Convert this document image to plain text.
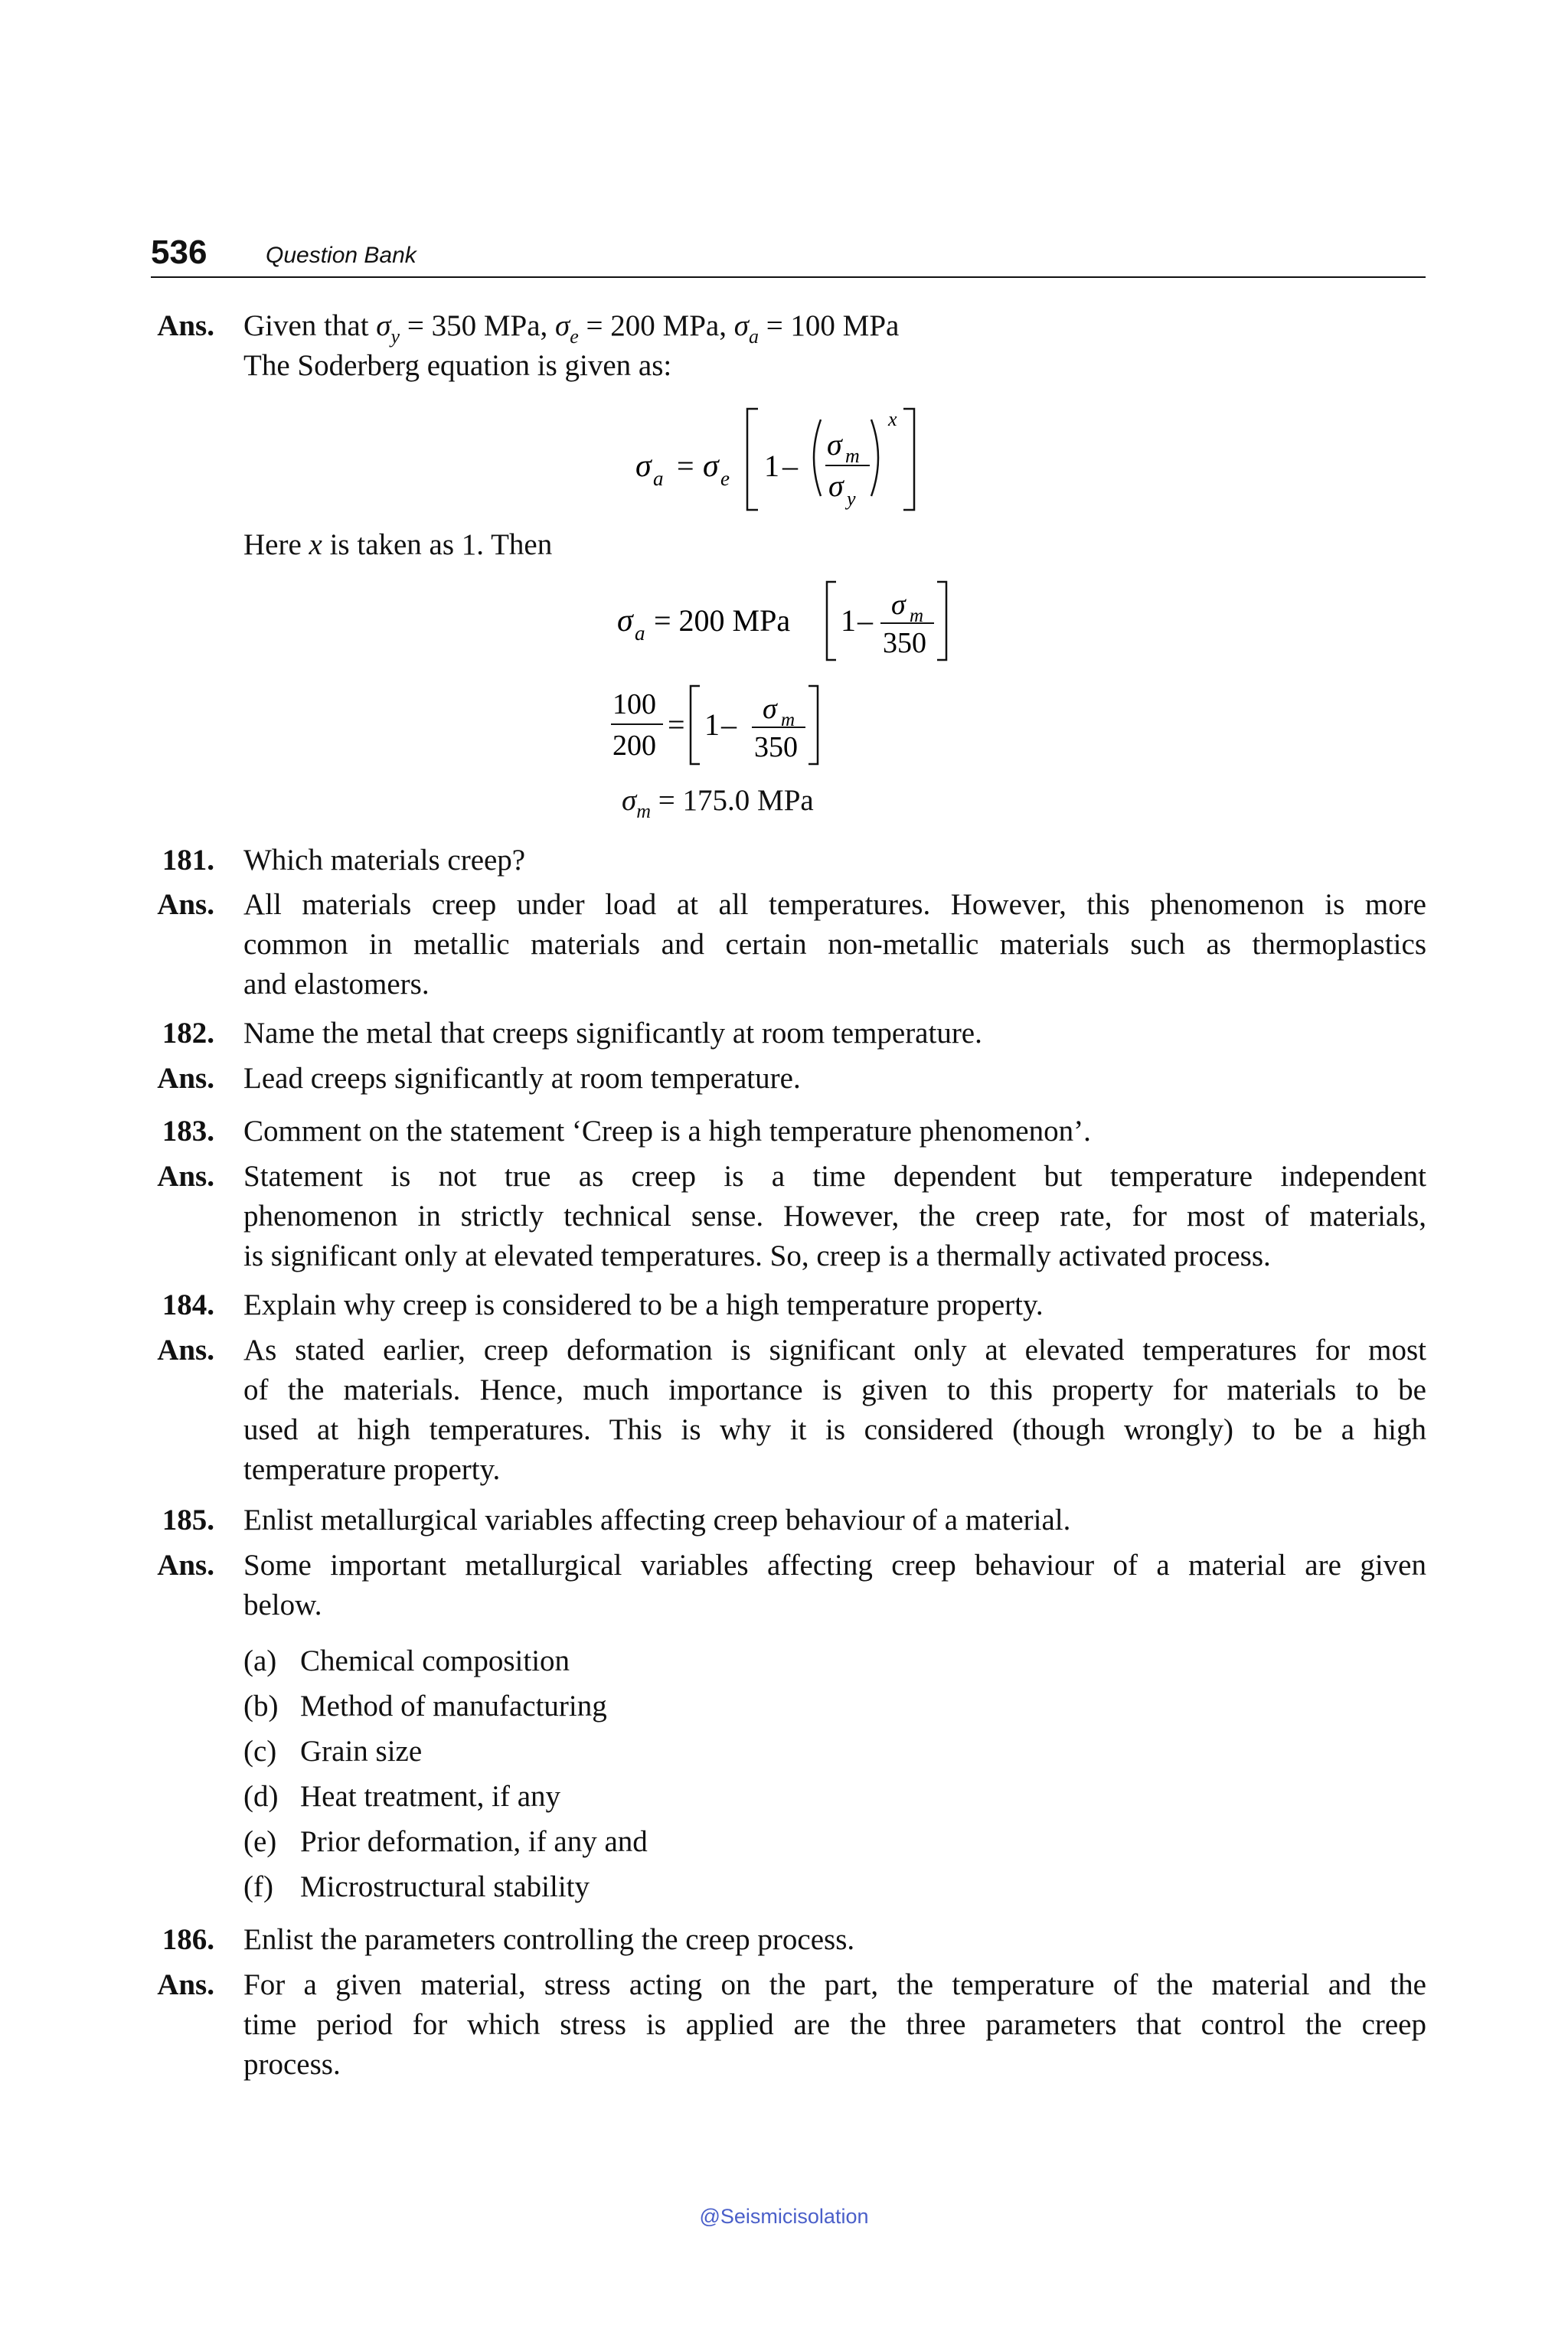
536	Question Bank
Ans. Given that $\sigma_y = 350$ MPa, $\sigma_e = 200$ MPa, $\sigma_a = 100$ MPa
The Soderberg equation is given as:
σ a = σ e 1 –
σ m
σ y
x
Here x is taken as 1. Then
σ a = 200 MPa 1 – σ m
350
100
200
= 1 – σ m
350
$\sigma_m = 175.0$ MPa
181. Which materials creep?
Ans. All materials creep under load at all temperatures. However, this phenomenon is more
common in metallic materials and certain non-metallic materials such as thermoplastics
and elastomers.
182. Name the metal that creeps significantly at room temperature.
Ans. Lead creeps significantly at room temperature.
183. Comment on the statement ‘Creep is a high temperature phenomenon’.
Ans. Statement is not true as creep is a time dependent but temperature independent
phenomenon in strictly technical sense. However, the creep rate, for most of materials,
is significant only at elevated temperatures. So, creep is a thermally activated process.
184. Explain why creep is considered to be a high temperature property.
Ans. As stated earlier, creep deformation is significant only at elevated temperatures for most
of the materials. Hence, much importance is given to this property for materials to be
used at high temperatures. This is why it is considered (though wrongly) to be a high
temperature property.
185. Enlist metallurgical variables affecting creep behaviour of a material.
Ans. Some important metallurgical variables affecting creep behaviour of a material are given
below.
(a) Chemical composition
(b) Method of manufacturing
(c) Grain size
(d) Heat treatment, if any
(e) Prior deformation, if any and
(f) Microstructural stability
186. Enlist the parameters controlling the creep process.
Ans. For a given material, stress acting on the part, the temperature of the material and the
time period for which stress is applied are the three parameters that control the creep
process.
@Seismicisolation
